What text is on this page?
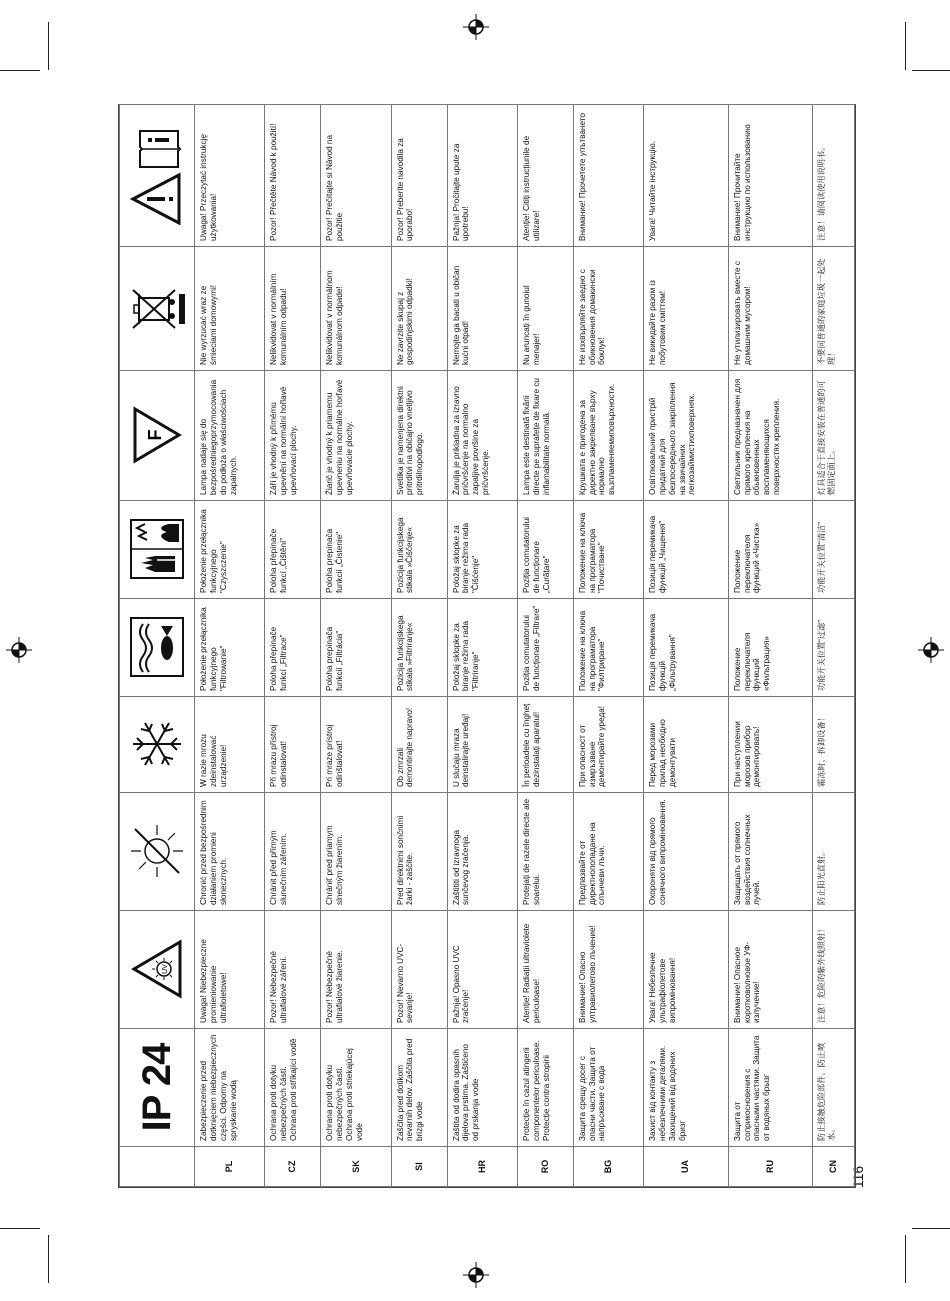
116
	IP 24	UV					F

PL	Zabezpieczenie przed dotknięciem niebezpiecznych części. Odporny na spryskanie wodą	Uwaga! Niebezpieczne promieniowanie ultrafioletowe!	Chronić przed bezpośrednim działaniem promieni słonecznych.	W razie mrozu zdeinstalować urządzenie!	Położenie przełącznika funkcyjnego "Filtrowanie"	Położenie przełącznika funkcyjnego "Czyszczenie"	Lampa nadaje się do bezpośredniegoprzymocowania do podłoża o właściwościach zapalnych.	Nie wyrzucać wraz ze śmieciami domowymi!	Uwaga! Przeczytać instrukcję użytkowania!
CZ	Ochrana proti dotyku nebezpečných částí. Ochrana proti stříkající vodě	Pozor! Nebezpečné ultrafialové záření.	Chránit před přímým slunečním zářením.	Při mrazu přístroj odinstalovat!	Poloha přepínače funkcí „Filtrace"	Poloha přepínače funkcí „Čištění"	Září je vhodný k přímému upevnění na normální hořlavé upevňovací plochy.	Nelikvidovat v normálním komunálním odpadu!	Pozor! Přečtěte Návod k použití!
SK	Ochrana proti dotyku nebezpečných častí. Ochrana proti striekajúcej vode	Pozor! Nebezpečné ultrafialové žiarenie.	Chrániť pred priamym slnečným žiarením.	Pri mraze prístroj odinštalovať!	Poloha prepínača funkcií „Filtrácia"	Poloha prepínača funkcií „Čistenie"	Žiarič je vhodný k priamemu upevneniu na normálne horľavé upevňovacie plochy.	Nelikvidovať v normálnom komunálnom odpade!	Pozor! Prečítajte si Návod na použitie
SI	Zaščita pred dotikom nevarnih delov. Zaščita pred brizgi vode	Pozor! Nevarno UVC-sevanje!	Pred direktnimi sončnimi žarki - zaščite.	Ob zmrzali demontirajte napravo!	Pozicija funkcijskega stikala »Filtriranje«	Pozicija funkcijskega stikala »Čiščenje«	Svetilka je namenjena direktni pritrditvi na običajno vnetljivo pritrdilnopodlogo.	Ne zavrzite skupaj z gospodinjskimi odpadki!	Pozor! Preberite navodila za uporabo!
HR	Zaštita od dodira opasnih dijelova prstima. Zaštićeno od prskanja vode	Pažnja! Opasno UVC zračenje!	Zaštititi od izravnoga sunčevog zračenja.	U slučaju mraza deinstalirajte uređaj!	Položaj sklopke za biranje režima rada "Filtriranje"	Položaj sklopke za biranje režima rada "Čišćenje"	Žarulja je prikladna za izravno pričvršćenje na normalno zapaljive površine za pričvršćenje.	Nemojte ga bacati u običan kućni otpad!	Pažnja! Pročitajte upute za upotrebu!
RO	Protecție în cazul atingerii componentelor periculoase. Protecție contra stropirii	Atenție! Radiații ultraviolete periculoase!	Protejați de razele directe ale soarelui.	În perioadele cu îngheț dezinstalați aparatul!	Poziția comutatorului de funcționare „Filtrare"	Poziția comutatorului de funcționare „Curățare"	Lampa este destinată fixării directe pe suprafețe de fixare cu inflamabilitate normală.	Nu aruncați în gunoiul menajer!	Atenție! Citiți instrucțiunile de utilizare!
BG	Защита срещу досег с опасни части. Защита от напръскване с вода	Внимание! Опасно ултравиолетово лъчение!	Предпазвайте от директнопопадане на слънчеви лъчи.	При опасност от измръзване демонтирайте уреда!	Положение на ключа на програматора "Филтриране"	Положение на ключа на програматора "Почистване"	Крушката е пригодена за директно закрепване върху нормално възпламеняемиповърхности.	Не изхвърляйте заедно с обикновения домакински боклук!	Внимание! Прочетете упътването
UA	Захист від контакту з небезпечними деталями. Захищений від водяних бризг	Увага! Небезпечне ультрафіолетове випромінювання!	Охороняти від прямого сонячного випромінювання.	Перед морозами прилад необхідно демонтувати	Позиція перемикача функцій „Фільтрування"	Позиція перемикача функцій „Чищення"	Освітлювальний пристрій придатний для безпосереднього закріплення на звичайних легкозаймистихповерхнях.	Не викидайте разом із побутовим сміттям!	Увага! Читайте інструкцію.
RU	Защита от соприкосновения с опасными частями. Защита от водяных брызг	Внимание! Опасное коротковолновое УФ-излучение!	Защищать от прямого воздействия солнечных лучей.	При наступлении морозов прибор демонтировать!	Положение переключателя функций «Фильтрация»	Положение переключателя функций «Чистка»	Светильник предназначен для прямого крепления на обыкновенных воспламеняющихся поверхностях крепления.	Не утилизировать вместе с домашним мусором!	Внимание! Прочитайте инструкцию по использованию
CN	防止接触危险部件。防止喷水。	注意！危险的紫外线照射！	防止阳光直射。	霜冻时，拆卸设备！	功能开关位置“过滤”	功能开关位置“清洁”	灯具适合于直接安装在普通的可燃固定面上。	不要同普通的家庭垃圾一起处理！	注意！请阅读使用说明书。
